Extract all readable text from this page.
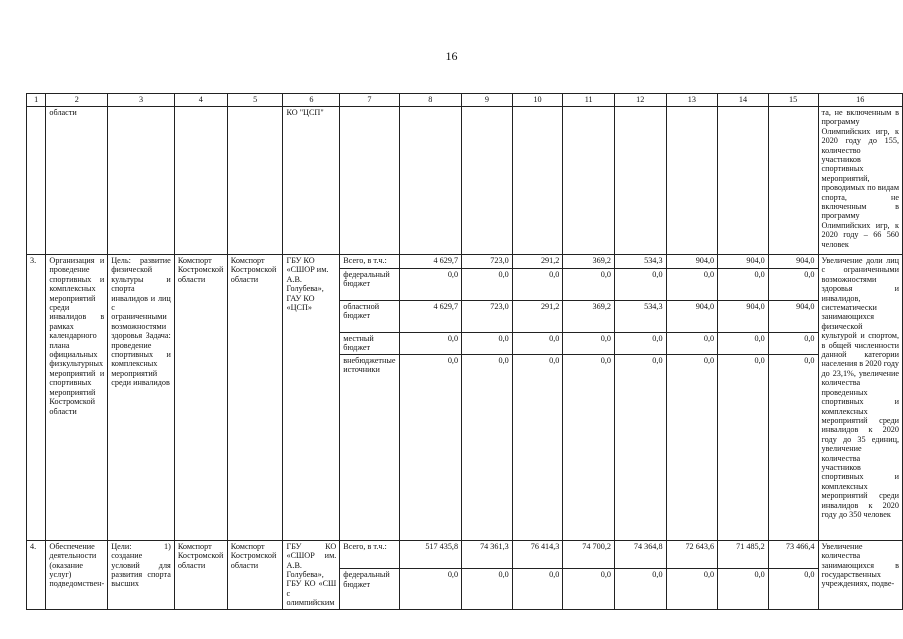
16
1	2	3	4	5	6	7	8	9	10	11	12	13	14	15	16
	области				КО "ЦСП"										та, не включенным в программу Олимпийских игр, к 2020 году до 155, количество участников спортивных мероприятий, проводимых по видам спорта, не включенным в программу Олимпийских игр, к 2020 году – 66 560 человек
3.	Организация и проведение спортивных и комплексных мероприятий среди инвалидов в рамках календарного плана официальных физкультурных мероприятий и спортивных мероприятий Костромской области	Цель: развитие физической культуры и спорта инвалидов и лиц с ограниченными возможностями здоровья Задача: проведение спортивных и комплексных мероприятий среди инвалидов	Комспорт Костромской области	Комспорт Костромской области	ГБУ КО «СШОР им. А.В. Голубева», ГАУ КО «ЦСП»	Всего, в т.ч.:	4 629,7	723,0	291,2	369,2	534,3	904,0	904,0	904,0	Увеличение доли лиц с ограниченными возможностями здоровья и инвалидов, систематически занимающихся физической культурой и спортом, в общей численности данной категории населения в 2020 году до 23,1%, увеличение количества проведенных спортивных и комплексных мероприятий среди инвалидов к 2020 году до 35 единиц, увеличение количества участников спортивных и комплексных мероприятий среди инвалидов к 2020 году до 350 человек
						федеральный бюджет	0,0	0,0	0,0	0,0	0,0	0,0	0,0	0,0	
						областной бюджет	4 629,7	723,0	291,2	369,2	534,3	904,0	904,0	904,0	
						местный бюджет	0,0	0,0	0,0	0,0	0,0	0,0	0,0	0,0	
						внебюджетные источники	0,0	0,0	0,0	0,0	0,0	0,0	0,0	0,0	
4.	Обеспечение деятельности (оказание услуг) подведомствен-	Цели: 1) создание условий для развития спорта высших	Комспорт Костромской области	Комспорт Костромской области	ГБУ КО «СШОР им. А.В. Голубева», ГБУ КО «СШ с олимпийским	Всего, в т.ч.:	517 435,8	74 361,3	76 414,3	74 700,2	74 364,8	72 643,6	71 485,2	73 466,4	Увеличение количества занимающихся в государственных учреждениях, подве-
						федеральный бюджет	0,0	0,0	0,0	0,0	0,0	0,0	0,0	0,0	
